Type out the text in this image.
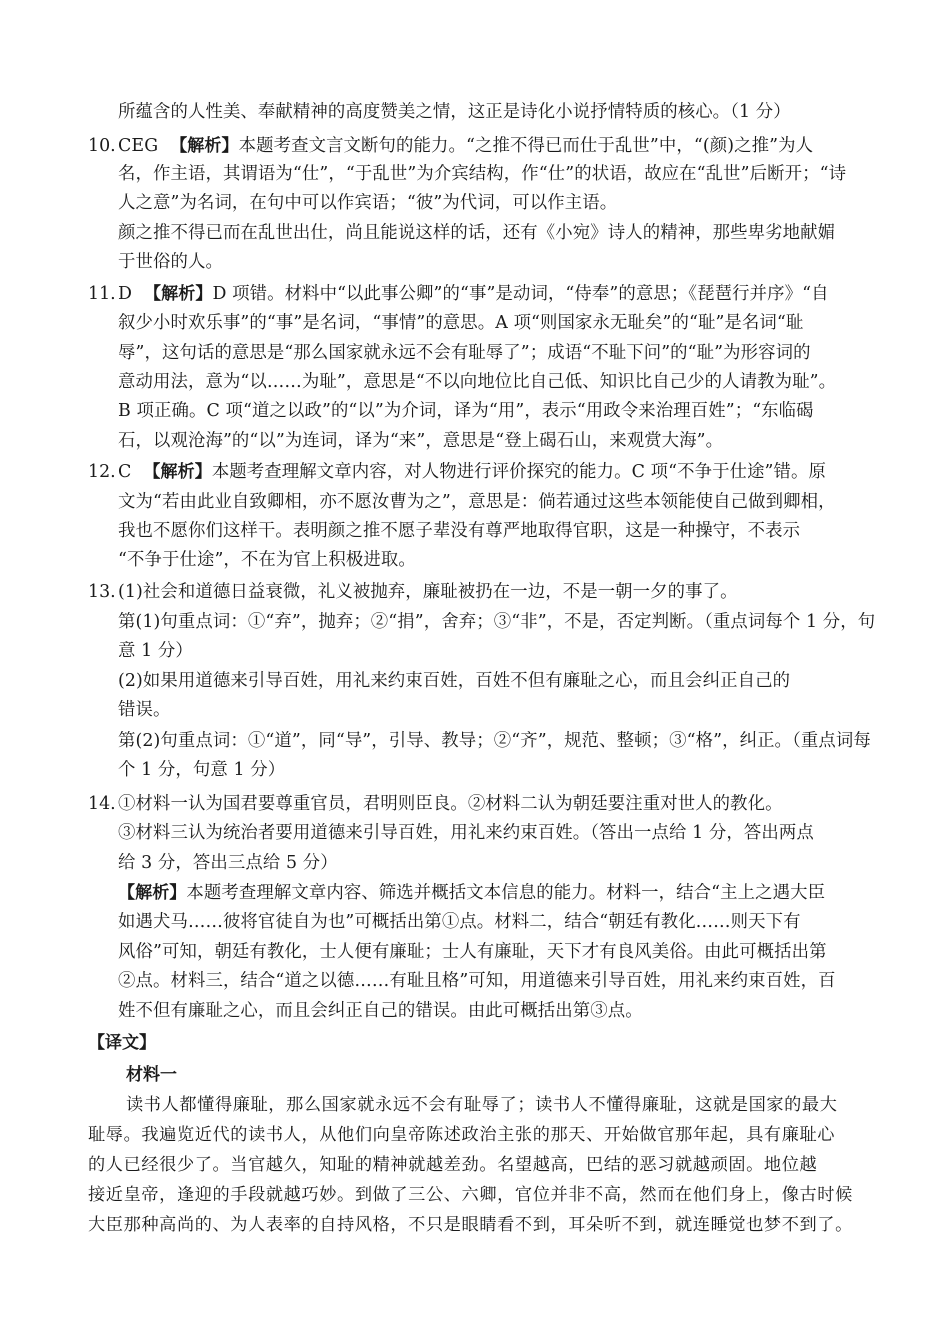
所蕴含的人性美、奉献精神的高度赞美之情，这正是诗化小说抒情特质的核心。（1 分）
10. CEG 【解析】本题考查文言文断句的能力。“之推不得已而仕于乱世”中，“(颜)之推”为人
名，作主语，其谓语为“仕”，“于乱世”为介宾结构，作“仕”的状语，故应在“乱世”后断开；“诗
人之意”为名词，在句中可以作宾语；“彼”为代词，可以作主语。
颜之推不得已而在乱世出仕，尚且能说这样的话，还有《小宛》诗人的精神，那些卑劣地献媚
于世俗的人。
11. D 【解析】D 项错。材料中“以此事公卿”的“事”是动词，“侍奉”的意思；《琵琶行并序》“自
叙少小时欢乐事”的“事”是名词，“事情”的意思。A 项“则国家永无耻矣”的“耻”是名词“耻
辱”，这句话的意思是“那么国家就永远不会有耻辱了”；成语“不耻下问”的“耻”为形容词的
意动用法，意为“以……为耻”，意思是“不以向地位比自己低、知识比自己少的人请教为耻”。
B 项正确。C 项“道之以政”的“以”为介词，译为“用”，表示“用政令来治理百姓”；“东临碣
石，以观沧海”的“以”为连词，译为“来”，意思是“登上碣石山，来观赏大海”。
12. C 【解析】本题考查理解文章内容，对人物进行评价探究的能力。C 项“不争于仕途”错。原
文为“若由此业自致卿相，亦不愿汝曹为之”，意思是：倘若通过这些本领能使自己做到卿相，
我也不愿你们这样干。表明颜之推不愿子辈没有尊严地取得官职，这是一种操守，不表示
“不争于仕途”，不在为官上积极进取。
13. (1)社会和道德日益衰微，礼义被抛弃，廉耻被扔在一边，不是一朝一夕的事了。
第(1)句重点词：①“弃”，抛弃；②“捐”，舍弃；③“非”，不是，否定判断。（重点词每个 1 分，句
意 1 分）
(2)如果用道德来引导百姓，用礼来约束百姓，百姓不但有廉耻之心，而且会纠正自己的
错误。
第(2)句重点词：①“道”，同“导”，引导、教导；②“齐”，规范、整顿；③“格”，纠正。（重点词每
个 1 分，句意 1 分）
14. ①材料一认为国君要尊重官员，君明则臣良。②材料二认为朝廷要注重对世人的教化。
③材料三认为统治者要用道德来引导百姓，用礼来约束百姓。（答出一点给 1 分，答出两点
给 3 分，答出三点给 5 分）
【解析】本题考查理解文章内容、筛选并概括文本信息的能力。材料一，结合“主上之遇大臣
如遇犬马……彼将官徒自为也”可概括出第①点。材料二，结合“朝廷有教化……则天下有
风俗”可知，朝廷有教化，士人便有廉耻；士人有廉耻，天下才有良风美俗。由此可概括出第
②点。材料三，结合“道之以德……有耻且格”可知，用道德来引导百姓，用礼来约束百姓，百
姓不但有廉耻之心，而且会纠正自己的错误。由此可概括出第③点。
【译文】
材料一
读书人都懂得廉耻，那么国家就永远不会有耻辱了；读书人不懂得廉耻，这就是国家的最大
耻辱。我遍览近代的读书人，从他们向皇帝陈述政治主张的那天、开始做官那年起，具有廉耻心
的人已经很少了。当官越久，知耻的精神就越差劲。名望越高，巴结的恶习就越顽固。地位越
接近皇帝，逢迎的手段就越巧妙。到做了三公、六卿，官位并非不高，然而在他们身上，像古时候
大臣那种高尚的、为人表率的自持风格，不只是眼睛看不到，耳朵听不到，就连睡觉也梦不到了。
